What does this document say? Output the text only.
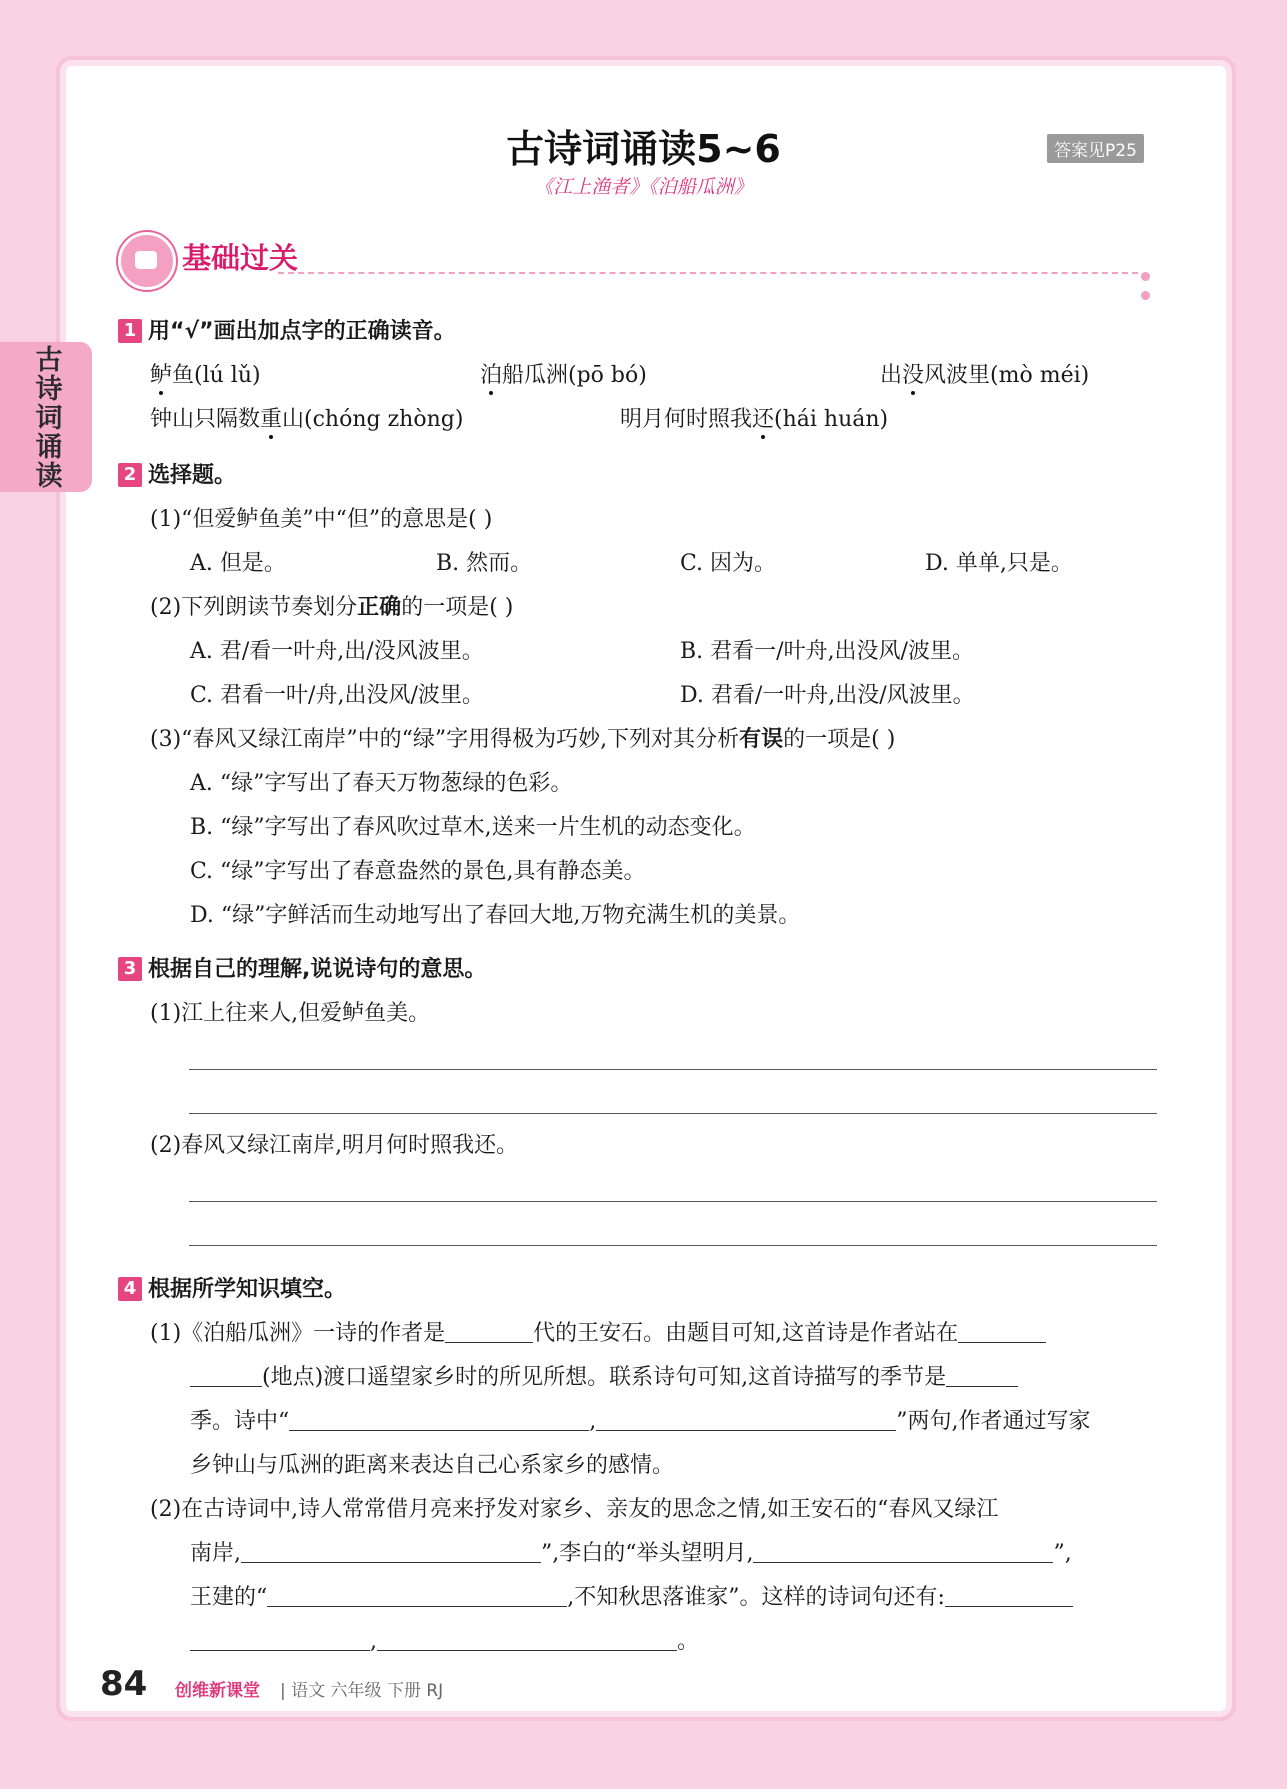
古诗词诵读
古诗词诵读5~6
《江上渔者》《泊船瓜洲》
答案见P25
基础过关
1 用“√”画出加点字的正确读音。
鲈鱼(lú lǔ)	泊船瓜洲(pō bó)	出没风波里(mò méi)
钟山只隔数重山(chóng zhòng)	明月何时照我还(hái huán)
2 选择题。
(1)“但爱鲈鱼美”中“但”的意思是( )
A. 但是。	B. 然而。	C. 因为。	D. 单单,只是。
(2)下列朗读节奏划分正确的一项是( )
A. 君/看一叶舟,出/没风波里。	B. 君看一/叶舟,出没风/波里。
C. 君看一叶/舟,出没风/波里。	D. 君看/一叶舟,出没/风波里。
(3)“春风又绿江南岸”中的“绿”字用得极为巧妙,下列对其分析有误的一项是( )
A. “绿”字写出了春天万物葱绿的色彩。
B. “绿”字写出了春风吹过草木,送来一片生机的动态变化。
C. “绿”字写出了春意盎然的景色,具有静态美。
D. “绿”字鲜活而生动地写出了春回大地,万物充满生机的美景。
3 根据自己的理解,说说诗句的意思。
(1)江上往来人,但爱鲈鱼美。
(2)春风又绿江南岸,明月何时照我还。
4 根据所学知识填空。
(1)《泊船瓜洲》一诗的作者是	代的王安石。由题目可知,这首诗是作者站在
(地点)渡口遥望家乡时的所见所想。联系诗句可知,这首诗描写的季节是
季。诗中“	,	”两句,作者通过写家
乡钟山与瓜洲的距离来表达自己心系家乡的感情。
(2)在古诗词中,诗人常常借月亮来抒发对家乡、亲友的思念之情,如王安石的“春风又绿江
南岸,	”,李白的“举头望明月,	”,
王建的“	,不知秋思落谁家”。这样的诗词句还有:
,	。
84 创维新课堂 | 语文 六年级 下册 RJ
